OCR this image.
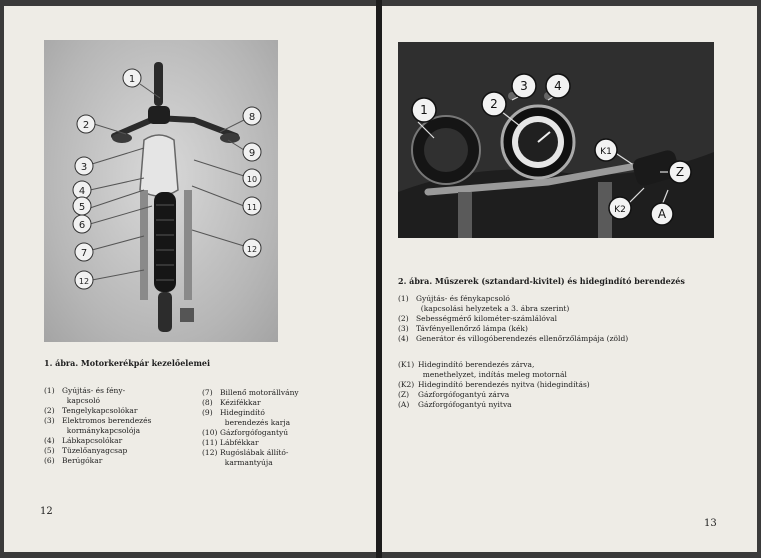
1
2
3
4
5
6
7
8
9
10
11
12
12
1. ábra. Motorkerékpár kezelőelemei
(1) Gyújtás- és fény-
kapcsoló
(2) Tengelykapcsolókar
(3) Elektromos berendezés
kormánykapcsolója
(4) Lábkapcsolókar
(5) Tüzelőanyagcsap
(6) Berúgókar
(7) Billenő motorállvány
(8) Kézifékkar
(9) Hidegindító
berendezés karja
(10) Gázforgófogantyú
(11) Lábfékkar
(12) Rugóslábak állító-
karmantyúja
12
1	2
3 4
K1
K2
Z
A
2. ábra. Műszerek (sztandard-kivitel) és hidegindító berendezés
(1) Gyújtás- és fénykapcsoló
(kapcsolási helyzetek a 3. ábra szerint)
(2) Sebességmérő kilométer-számlálóval
(3) Távfényellenőrző lámpa (kék)
(4) Generátor és villogóberendezés ellenőrzőlámpája (zöld)
(K1) Hidegindító berendezés zárva,
menethelyzet, indítás meleg motornál
(K2) Hidegindító berendezés nyitva (hidegindítás)
(Z)	Gázforgófogantyú zárva
(A)	Gázforgófogantyú nyitva
13
